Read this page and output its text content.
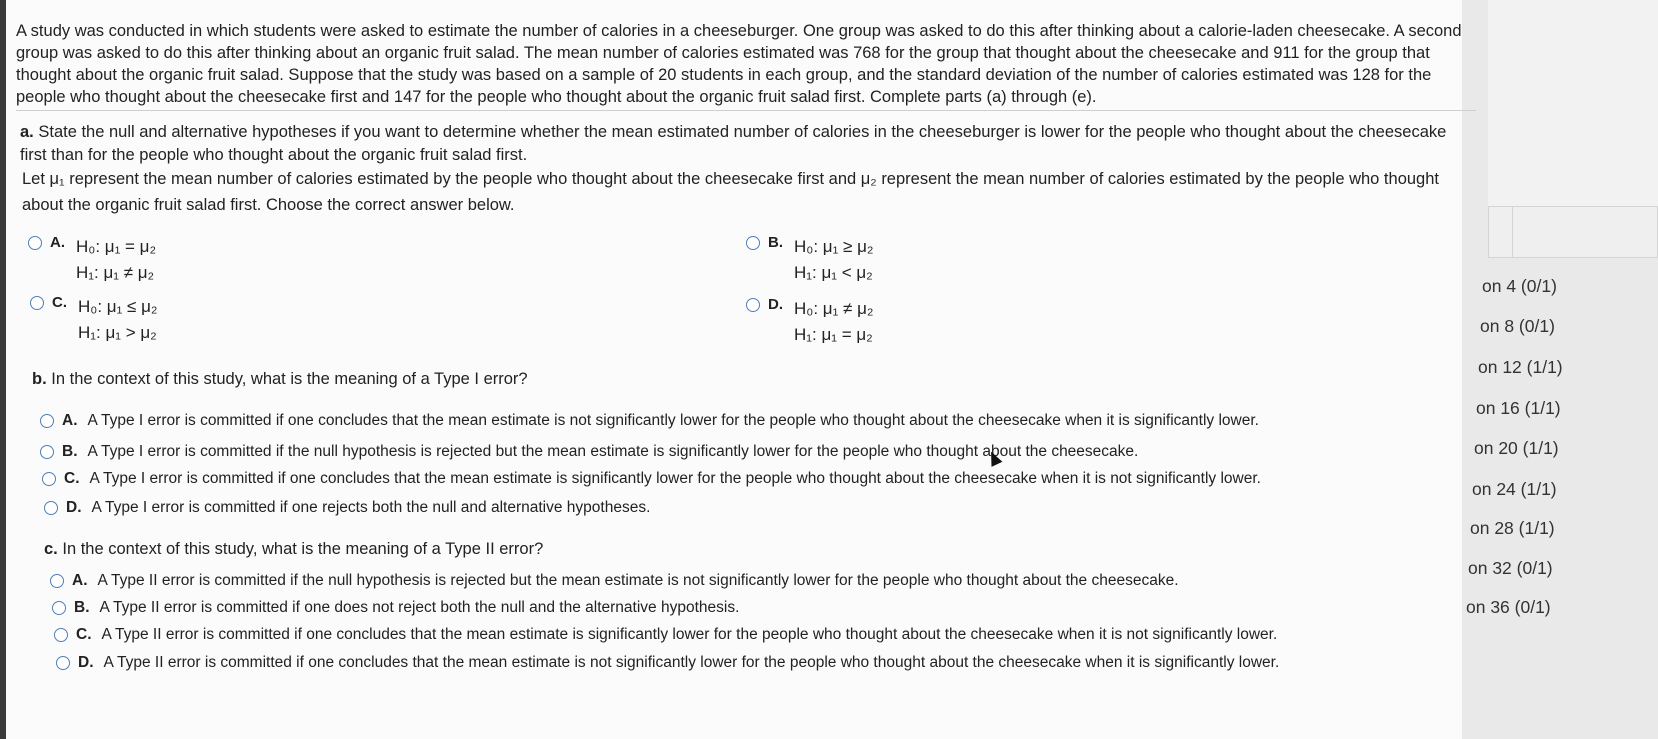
on 4 (0/1)
on 8 (0/1)
on 12 (1/1)
on 16 (1/1)
on 20 (1/1)
on 24 (1/1)
on 28 (1/1)
on 32 (0/1)
on 36 (0/1)
A study was conducted in which students were asked to estimate the number of calories in a cheeseburger. One group was asked to do this after thinking about a calorie-laden cheesecake. A second group was asked to do this after thinking about an organic fruit salad. The mean number of calories estimated was 768 for the group that thought about the cheesecake and 911 for the group that thought about the organic fruit salad. Suppose that the study was based on a sample of 20 students in each group, and the standard deviation of the number of calories estimated was 128 for the people who thought about the cheesecake first and 147 for the people who thought about the organic fruit salad first. Complete parts (a) through (e).
a. State the null and alternative hypotheses if you want to determine whether the mean estimated number of calories in the cheeseburger is lower for the people who thought about the cheesecake first than for the people who thought about the organic fruit salad first.
Let μ₁ represent the mean number of calories estimated by the people who thought about the cheesecake first and μ₂ represent the mean number of calories estimated by the people who thought about the organic fruit salad first. Choose the correct answer below.
A. H₀: μ₁ = μ₂
H₁: μ₁ ≠ μ₂
B. H₀: μ₁ ≥ μ₂
H₁: μ₁ < μ₂
C. H₀: μ₁ ≤ μ₂
H₁: μ₁ > μ₂
D. H₀: μ₁ ≠ μ₂
H₁: μ₁ = μ₂
b. In the context of this study, what is the meaning of a Type I error?
A. A Type I error is committed if one concludes that the mean estimate is not significantly lower for the people who thought about the cheesecake when it is significantly lower.
B. A Type I error is committed if the null hypothesis is rejected but the mean estimate is significantly lower for the people who thought about the cheesecake.
C. A Type I error is committed if one concludes that the mean estimate is significantly lower for the people who thought about the cheesecake when it is not significantly lower.
D. A Type I error is committed if one rejects both the null and alternative hypotheses.
c. In the context of this study, what is the meaning of a Type II error?
A. A Type II error is committed if the null hypothesis is rejected but the mean estimate is not significantly lower for the people who thought about the cheesecake.
B. A Type II error is committed if one does not reject both the null and the alternative hypothesis.
C. A Type II error is committed if one concludes that the mean estimate is significantly lower for the people who thought about the cheesecake when it is not significantly lower.
D. A Type II error is committed if one concludes that the mean estimate is not significantly lower for the people who thought about the cheesecake when it is significantly lower.
